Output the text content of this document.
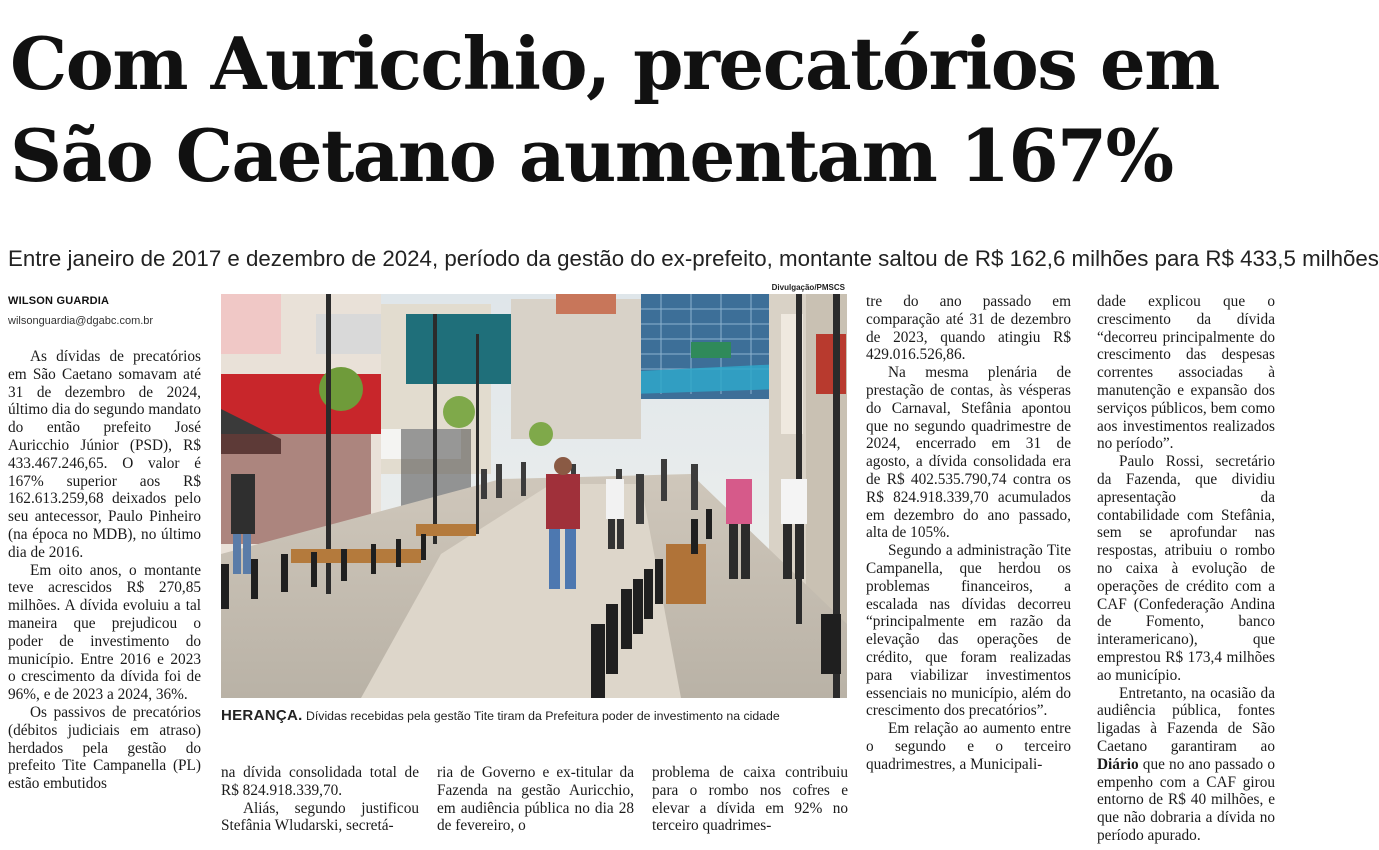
Com Auricchio, precatórios em
São Caetano aumentam 167%
Entre janeiro de 2017 e dezembro de 2024, período da gestão do ex-prefeito, montante saltou de R$ 162,6 milhões para R$ 433,5 milhões
WILSON GUARDIA
wilsonguardia@dgabc.com.br

As dívidas de precatórios em São Caetano somavam até 31 de dezembro de 2024, último dia do segundo mandato do então prefeito José Auricchio Júnior (PSD), R$ 433.467.246,65. O valor é 167% superior aos R$ 162.613.259,68 deixados pelo seu antecessor, Paulo Pinheiro (na época no MDB), no último dia de 2016.

Em oito anos, o montante teve acrescidos R$ 270,85 milhões. A dívida evoluiu a tal maneira que prejudicou o poder de investimento do município. Entre 2016 e 2023 o crescimento da dívida foi de 96%, e de 2023 a 2024, 36%.

Os passivos de precatórios (débitos judiciais em atraso) herdados pela gestão do prefeito Tite Campanella (PL) estão embutidos

Divulgação/PMSCS
HERANÇA. Dívidas recebidas pela gestão Tite tiram da Prefeitura poder de investimento na cidade

na dívida consolidada total de R$ 824.918.339,70.

Aliás, segundo justificou Stefânia Wludarski, secretá-

ria de Governo e ex-titular da Fazenda na gestão Auricchio, em audiência pública no dia 28 de fevereiro, o

problema de caixa contribuiu para o rombo nos cofres e elevar a dívida em 92% no terceiro quadrimes-

tre do ano passado em comparação até 31 de dezembro de 2023, quando atingiu R$ 429.016.526,86.

Na mesma plenária de prestação de contas, às vésperas do Carnaval, Stefânia apontou que no segundo quadrimestre de 2024, encerrado em 31 de agosto, a dívida consolidada era de R$ 402.535.790,74 contra os R$ 824.918.339,70 acumulados em dezembro do ano passado, alta de 105%.

Segundo a administração Tite Campanella, que herdou os problemas financeiros, a escalada nas dívidas decorreu “principalmente em razão da elevação das operações de crédito, que foram realizadas para viabilizar investimentos essenciais no município, além do crescimento dos precatórios”.

Em relação ao aumento entre o segundo e o terceiro quadrimestres, a Municipali-

dade explicou que o crescimento da dívida “decorreu principalmente do crescimento das despesas correntes associadas à manutenção e expansão dos serviços públicos, bem como aos investimentos realizados no período”.

Paulo Rossi, secretário da Fazenda, que dividiu apresentação da contabilidade com Stefânia, sem se aprofundar nas respostas, atribuiu o rombo no caixa à evolução de operações de crédito com a CAF (Confederação Andina de Fomento, banco interamericano), que emprestou R$ 173,4 milhões ao município.

Entretanto, na ocasião da audiência pública, fontes ligadas à Fazenda de São Caetano garantiram ao Diário que no ano passado o empenho com a CAF girou entorno de R$ 40 milhões, e que não dobraria a dívida no período apurado.
